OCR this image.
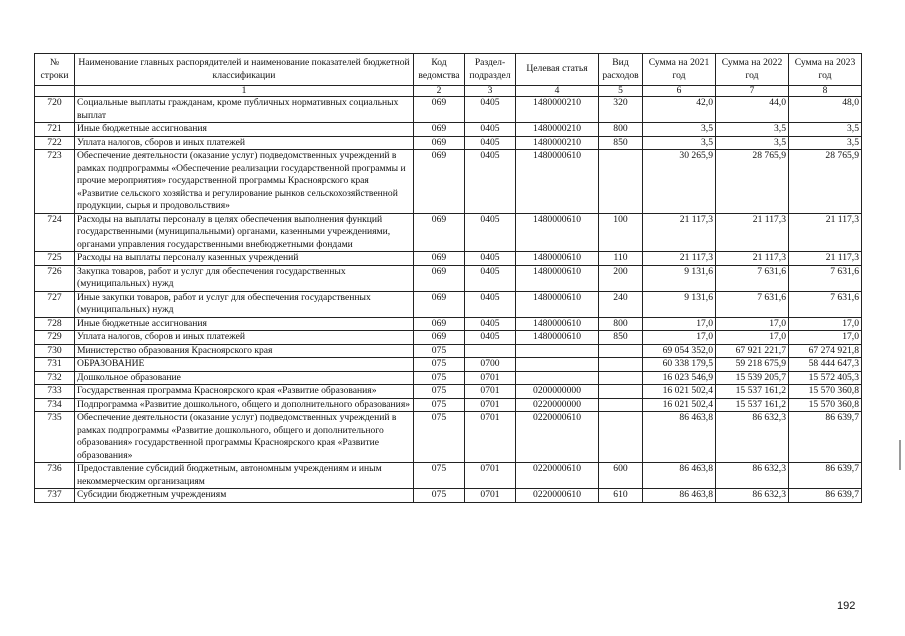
№ строки	Наименование главных распорядителей и наименование показателей бюджетной классификации	Код ведомства	Раздел-подраздел	Целевая статья	Вид расходов	Сумма на 2021 год	Сумма на 2022 год	Сумма на 2023 год
	1	2	3	4	5	6	7	8
720	Социальные выплаты гражданам, кроме публичных нормативных социальных выплат	069	0405	1480000210	320	42,0	44,0	48,0
721	Иные бюджетные ассигнования	069	0405	1480000210	800	3,5	3,5	3,5
722	Уплата налогов, сборов и иных платежей	069	0405	1480000210	850	3,5	3,5	3,5
723	Обеспечение деятельности (оказание услуг) подведомственных учреждений в рамках подпрограммы «Обеспечение реализации государственной программы и прочие мероприятия» государственной программы Красноярского края «Развитие сельского хозяйства и регулирование рынков сельскохозяйственной продукции, сырья и продовольствия»	069	0405	1480000610		30 265,9	28 765,9	28 765,9
724	Расходы на выплаты персоналу в целях обеспечения выполнения функций государственными (муниципальными) органами, казенными учреждениями, органами управления государственными внебюджетными фондами	069	0405	1480000610	100	21 117,3	21 117,3	21 117,3
725	Расходы на выплаты персоналу казенных учреждений	069	0405	1480000610	110	21 117,3	21 117,3	21 117,3
726	Закупка товаров, работ и услуг для обеспечения государственных (муниципальных) нужд	069	0405	1480000610	200	9 131,6	7 631,6	7 631,6
727	Иные закупки товаров, работ и услуг для обеспечения государственных (муниципальных) нужд	069	0405	1480000610	240	9 131,6	7 631,6	7 631,6
728	Иные бюджетные ассигнования	069	0405	1480000610	800	17,0	17,0	17,0
729	Уплата налогов, сборов и иных платежей	069	0405	1480000610	850	17,0	17,0	17,0
730	Министерство образования Красноярского края	075				69 054 352,0	67 921 221,7	67 274 921,8
731	ОБРАЗОВАНИЕ	075	0700			60 338 179,5	59 218 675,9	58 444 647,3
732	Дошкольное образование	075	0701			16 023 546,9	15 539 205,7	15 572 405,3
733	Государственная программа Красноярского края «Развитие образования»	075	0701	0200000000		16 021 502,4	15 537 161,2	15 570 360,8
734	Подпрограмма «Развитие дошкольного, общего и дополнительного образования»	075	0701	0220000000		16 021 502,4	15 537 161,2	15 570 360,8
735	Обеспечение деятельности (оказание услуг) подведомственных учреждений в рамках подпрограммы «Развитие дошкольного, общего и дополнительного образования» государственной программы Красноярского края «Развитие образования»	075	0701	0220000610		86 463,8	86 632,3	86 639,7
736	Предоставление субсидий бюджетным, автономным учреждениям и иным некоммерческим организациям	075	0701	0220000610	600	86 463,8	86 632,3	86 639,7
737	Субсидии бюджетным учреждениям	075	0701	0220000610	610	86 463,8	86 632,3	86 639,7
192
